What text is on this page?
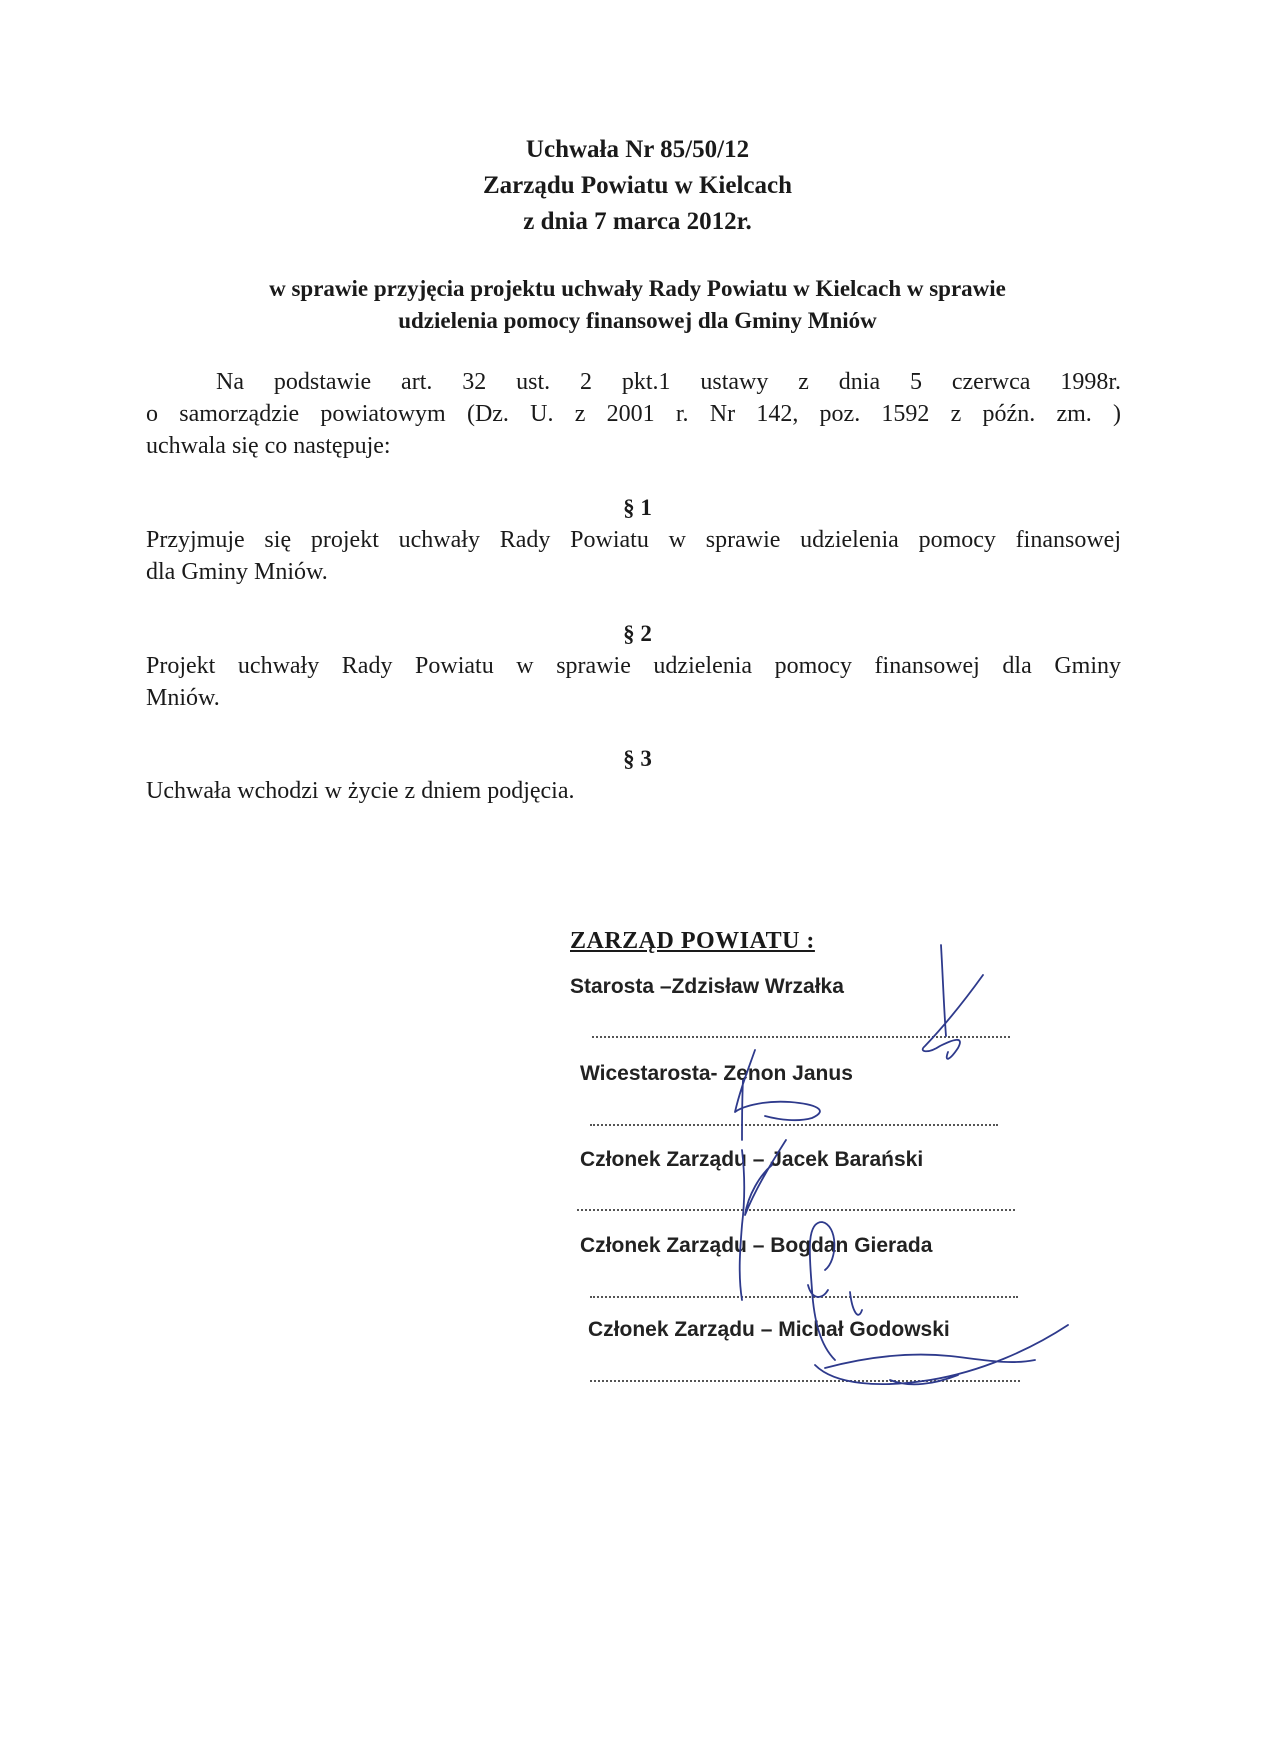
Uchwała Nr 85/50/12
Zarządu Powiatu w Kielcach
z dnia 7 marca 2012r.
w sprawie przyjęcia projektu uchwały Rady Powiatu w Kielcach w sprawie
udzielenia pomocy finansowej dla Gminy Mniów
Na podstawie art. 32 ust. 2 pkt.1 ustawy z dnia 5 czerwca 1998r.
o samorządzie powiatowym (Dz. U. z 2001 r. Nr 142, poz. 1592 z późn. zm. )
uchwala się co następuje:
§ 1
Przyjmuje się projekt uchwały Rady Powiatu w sprawie udzielenia pomocy finansowej
dla Gminy Mniów.
§ 2
Projekt uchwały Rady Powiatu w sprawie udzielenia pomocy finansowej dla Gminy
Mniów.
§ 3
Uchwała wchodzi w życie z dniem podjęcia.
ZARZĄD POWIATU :
Starosta –Zdzisław Wrzałka
Wicestarosta- Zenon Janus
Członek Zarządu – Jacek Barański
Członek Zarządu – Bogdan Gierada
Członek Zarządu – Michał Godowski
